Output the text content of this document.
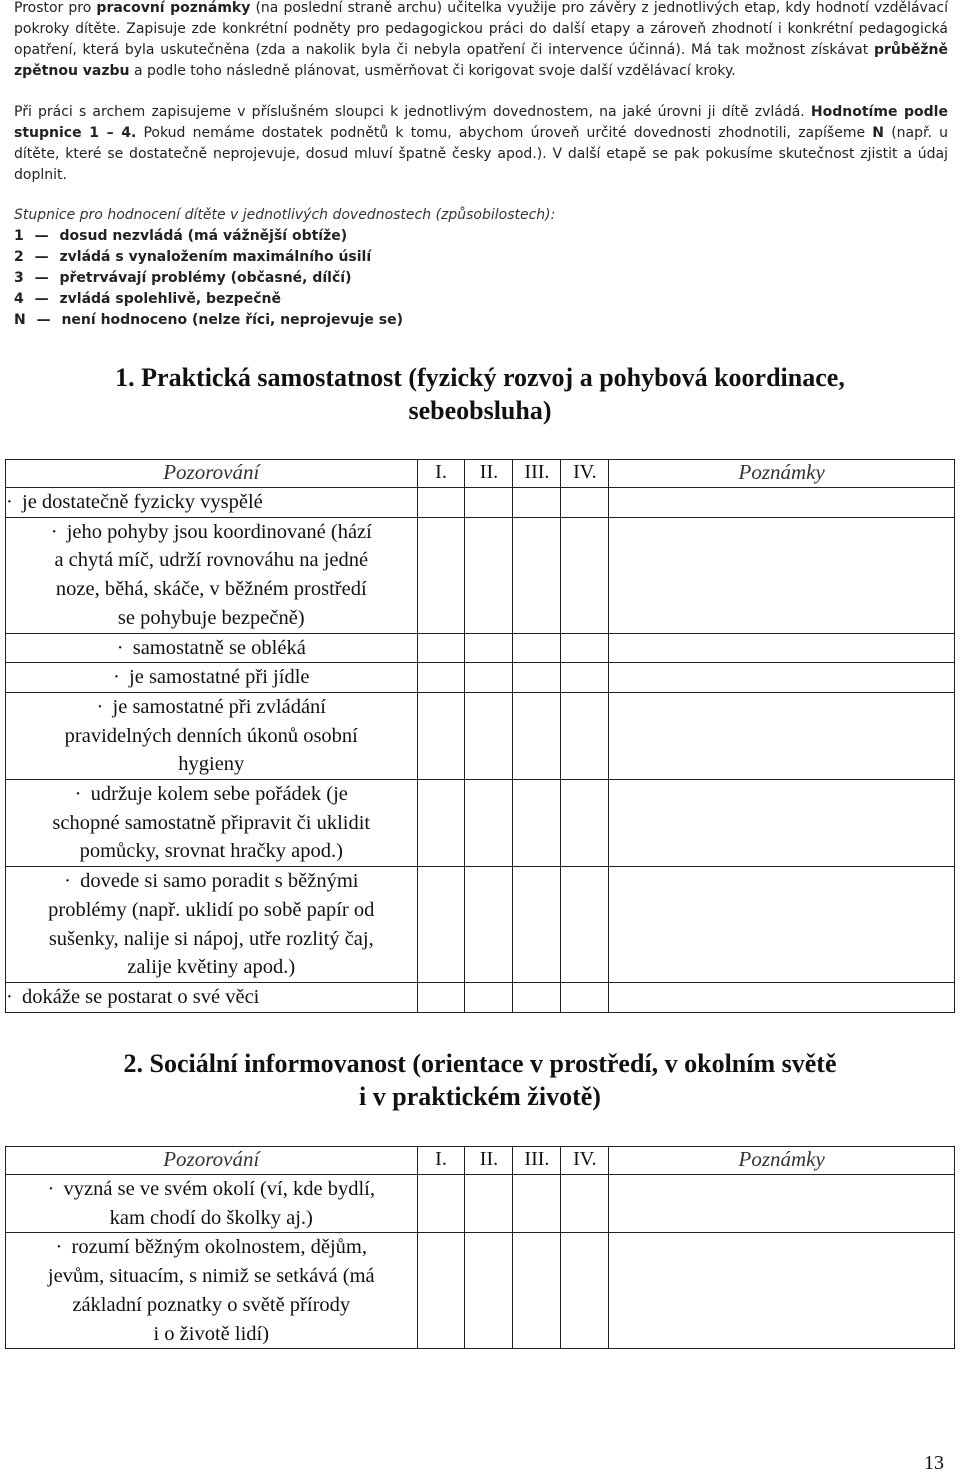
Prostor pro pracovní poznámky (na poslední straně archu) učitelka využije pro závěry z jednotlivých etap, kdy hodnotí vzdělávací pokroky dítěte. Zapisuje zde konkrétní podněty pro pedagogickou práci do další etapy a zároveň zhodnotí i konkrétní pedagogická opatření, která byla uskutečněna (zda a nakolik byla či nebyla opatření či intervence účinná). Má tak možnost získávat průběžně zpětnou vazbu a podle toho následně plánovat, usměrňovat či korigovat svoje další vzdělávací kroky.

Při práci s archem zapisujeme v příslušném sloupci k jednotlivým dovednostem, na jaké úrovni ji dítě zvládá. Hodnotíme podle stupnice 1 – 4. Pokud nemáme dostatek podnětů k tomu, abychom úroveň určité dovednosti zhodnotili, zapíšeme N (např. u dítěte, které se dostatečně neprojevuje, dosud mluví špatně česky apod.). V další etapě se pak pokusíme skutečnost zjistit a údaj doplnit.

Stupnice pro hodnocení dítěte v jednotlivých dovednostech (způsobilostech):
1 — dosud nezvládá (má vážnější obtíže)
2 — zvládá s vynaložením maximálního úsilí
3 — přetrvávají problémy (občasné, dílčí)
4 — zvládá spolehlivě, bezpečně
N — není hodnoceno (nelze říci, neprojevuje se)
1. Praktická samostatnost (fyzický rozvoj a pohybová koordinace,
sebeobsluha)
Pozorování	I.	II.	III.	IV.	Poznámky

· je dostatečně fyzicky vyspělé					

· jeho pohyby jsou koordinované (hází
a chytá míč, udrží rovnováhu na jedné
noze, běhá, skáče, v běžném prostředí
se pohybuje bezpečně)					

· samostatně se obléká					

· je samostatné při jídle					

· je samostatné při zvládání
pravidelných denních úkonů osobní
hygieny					

· udržuje kolem sebe pořádek (je
schopné samostatně připravit či uklidit
pomůcky, srovnat hračky apod.)					

· dovede si samo poradit s běžnými
problémy (např. uklidí po sobě papír od
sušenky, nalije si nápoj, utře rozlitý čaj,
zalije květiny apod.)					

· dokáže se postarat o své věci					

2. Sociální informovanost (orientace v prostředí, v okolním světě
i v praktickém životě)
Pozorování	I.	II.	III.	IV.	Poznámky

· vyzná se ve svém okolí (ví, kde bydlí,
kam chodí do školky aj.)					

· rozumí běžným okolnostem, dějům,
jevům, situacím, s nimiž se setkává (má
základní poznatky o světě přírody
i o životě lidí)					

13
